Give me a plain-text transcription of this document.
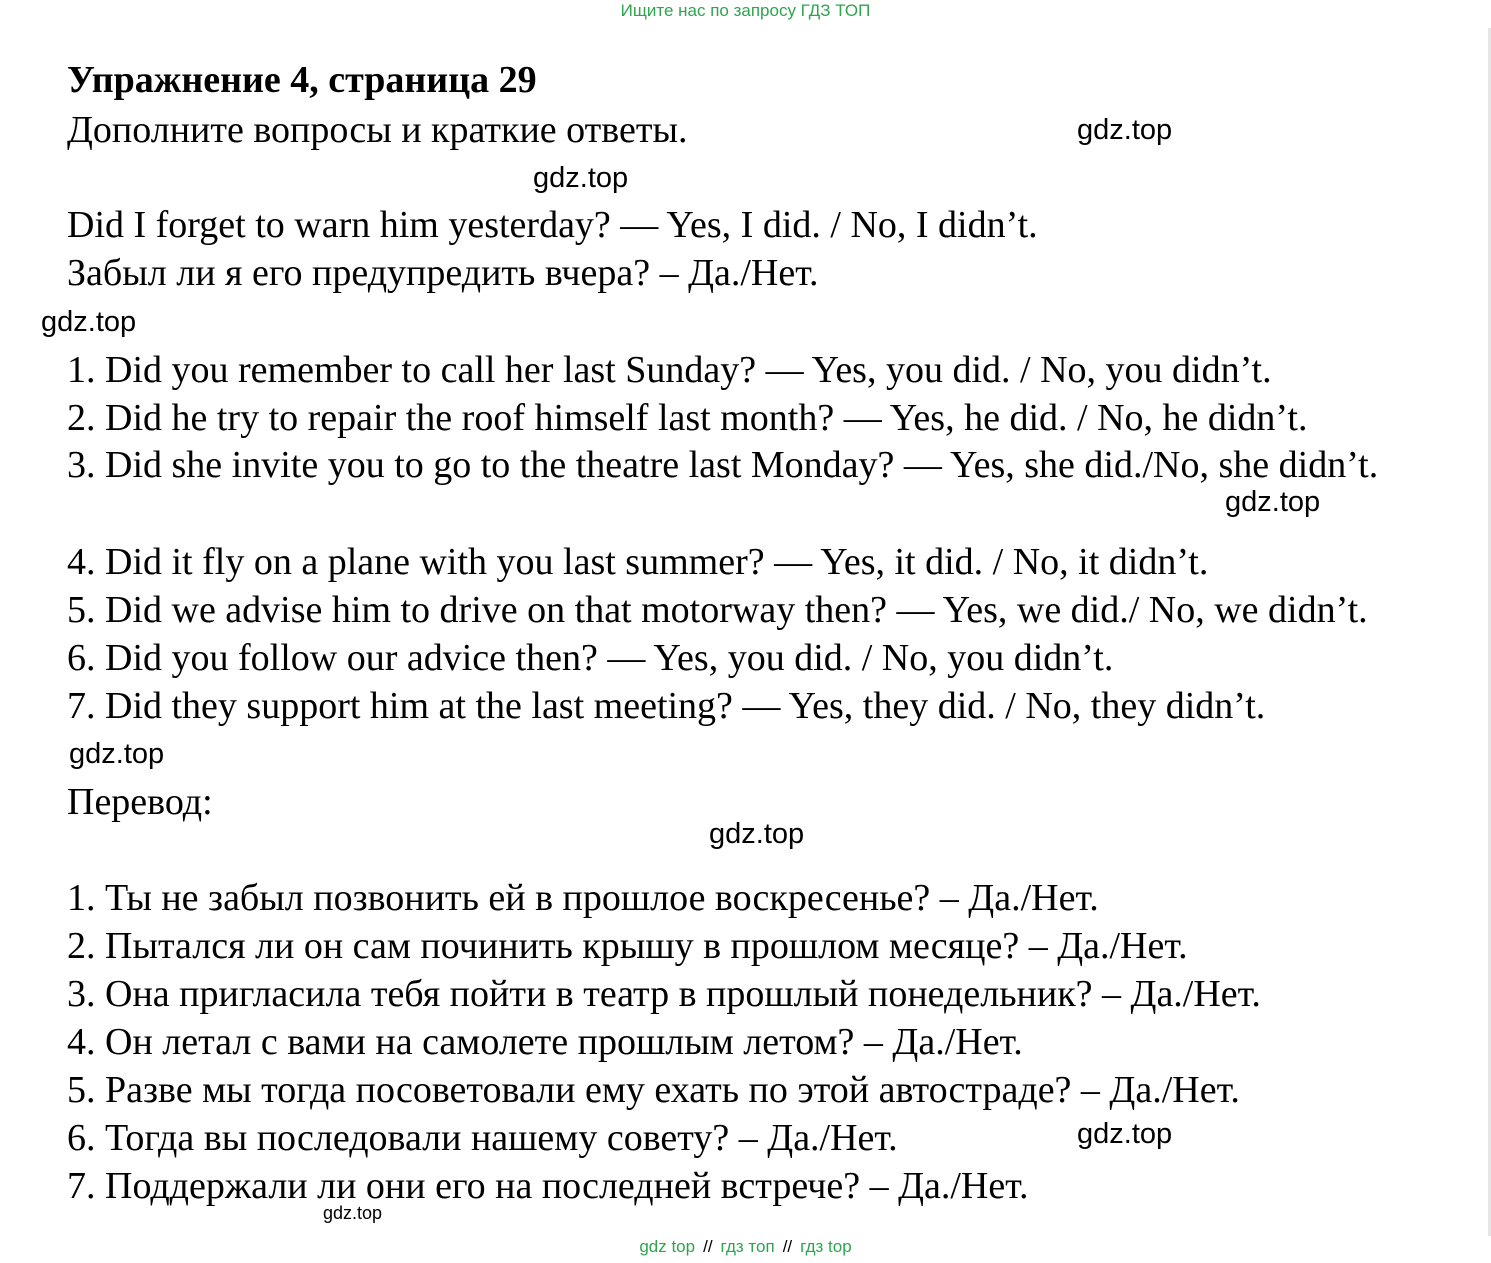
Ищите нас по запросу ГДЗ ТОП
Упражнение 4, страница 29

Дополните вопросы и краткие ответы.

Did I forget to warn him yesterday? — Yes, I did. / No, I didn’t.

Забыл ли я его предупредить вчера? – Да./Нет.

1. Did you remember to call her last Sunday? — Yes, you did. / No, you didn’t.

2. Did he try to repair the roof himself last month? — Yes, he did. / No, he didn’t.

3. Did she invite you to go to the theatre last Monday? — Yes, she did./No, she didn’t.

4. Did it fly on a plane with you last summer? — Yes, it did. / No, it didn’t.

5. Did we advise him to drive on that motorway then? — Yes, we did./ No, we didn’t.

6. Did you follow our advice then? — Yes, you did. / No, you didn’t.

7. Did they support him at the last meeting? — Yes, they did. / No, they didn’t.

Перевод:

1. Ты не забыл позвонить ей в прошлое воскресенье? – Да./Нет.

2. Пытался ли он сам починить крышу в прошлом месяце? – Да./Нет.

3. Она пригласила тебя пойти в театр в прошлый понедельник? – Да./Нет.

4. Он летал с вами на самолете прошлым летом? – Да./Нет.

5. Разве мы тогда посоветовали ему ехать по этой автостраде? – Да./Нет.

6. Тогда вы последовали нашему совету? – Да./Нет.

7. Поддержали ли они его на последней встрече? – Да./Нет.

gdz.top
gdz.top
gdz.top
gdz.top
gdz.top
gdz.top
gdz.top
gdz.top
gdz top // гдз топ // гдз top
